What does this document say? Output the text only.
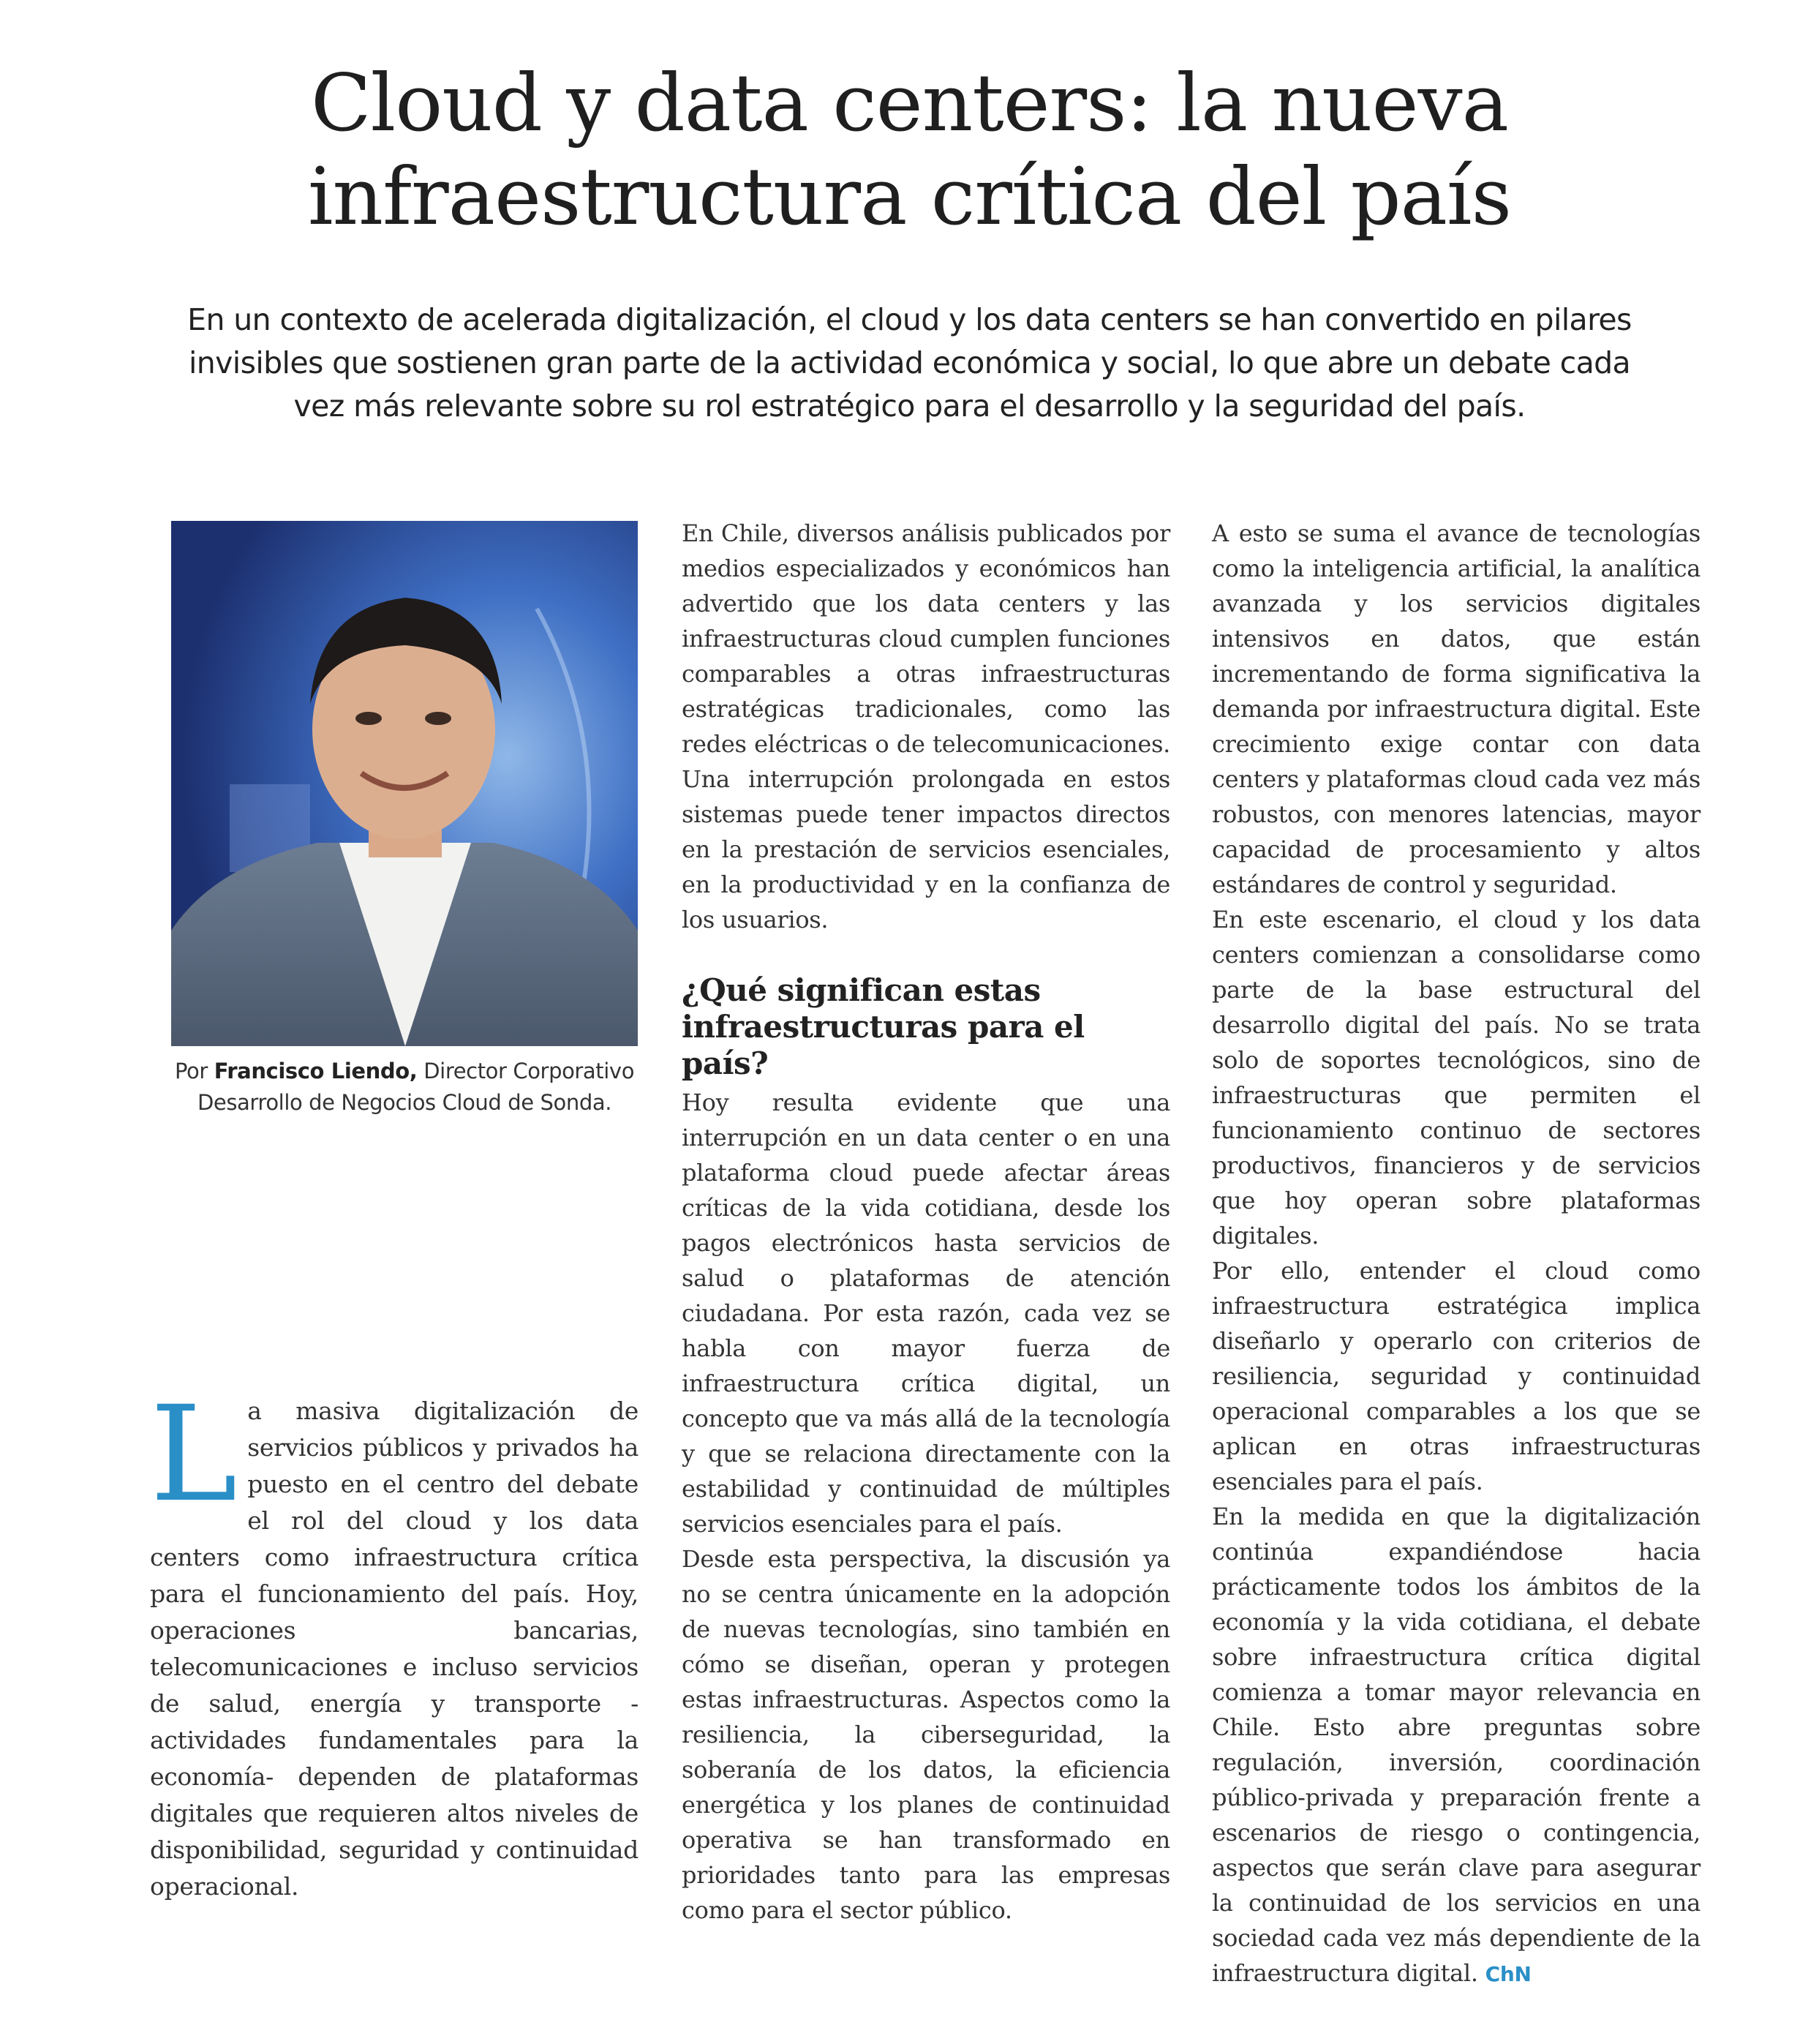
Cloud y data centers: la nueva
infraestructura crítica del país

En un contexto de acelerada digitalización, el cloud y los data centers se han convertido en pilares invisibles que sostienen gran parte de la actividad económica y social, lo que abre un debate cada vez más relevante sobre su rol estratégico para el desarrollo y la seguridad del país.

Por Francisco Liendo, Director Corporativo Desarrollo de Negocios Cloud de Sonda.

La masiva digitalización de servicios públicos y privados ha puesto en el centro del debate el rol del cloud y los data centers como infraestructura crítica para el funcionamiento del país. Hoy, operaciones bancarias, telecomunicaciones e incluso servicios de salud, energía y transporte -actividades fundamentales para la economía- dependen de plataformas digitales que requieren altos niveles de disponibilidad, seguridad y continuidad operacional.

En Chile, diversos análisis publicados por medios especializados y económicos han advertido que los data centers y las infraestructuras cloud cumplen funciones comparables a otras infraestructuras estratégicas tradicionales, como las redes eléctricas o de telecomunicaciones. Una interrupción prolongada en estos sistemas puede tener impactos directos en la prestación de servicios esenciales, en la productividad y en la confianza de los usuarios.

¿Qué significan estas infraestructuras para el país?

Hoy resulta evidente que una interrupción en un data center o en una plataforma cloud puede afectar áreas críticas de la vida cotidiana, desde los pagos electrónicos hasta servicios de salud o plataformas de atención ciudadana. Por esta razón, cada vez se habla con mayor fuerza de infraestructura crítica digital, un concepto que va más allá de la tecnología y que se relaciona directamente con la estabilidad y continuidad de múltiples servicios esenciales para el país.

Desde esta perspectiva, la discusión ya no se centra únicamente en la adopción de nuevas tecnologías, sino también en cómo se diseñan, operan y protegen estas infraestructuras. Aspectos como la resiliencia, la ciberseguridad, la soberanía de los datos, la eficiencia energética y los planes de continuidad operativa se han transformado en prioridades tanto para las empresas como para el sector público.

A esto se suma el avance de tecnologías como la inteligencia artificial, la analítica avanzada y los servicios digitales intensivos en datos, que están incrementando de forma significativa la demanda por infraestructura digital. Este crecimiento exige contar con data centers y plataformas cloud cada vez más robustos, con menores latencias, mayor capacidad de procesamiento y altos estándares de control y seguridad.

En este escenario, el cloud y los data centers comienzan a consolidarse como parte de la base estructural del desarrollo digital del país. No se trata solo de soportes tecnológicos, sino de infraestructuras que permiten el funcionamiento continuo de sectores productivos, financieros y de servicios que hoy operan sobre plataformas digitales.

Por ello, entender el cloud como infraestructura estratégica implica diseñarlo y operarlo con criterios de resiliencia, seguridad y continuidad operacional comparables a los que se aplican en otras infraestructuras esenciales para el país.

En la medida en que la digitalización continúa expandiéndose hacia prácticamente todos los ámbitos de la economía y la vida cotidiana, el debate sobre infraestructura crítica digital comienza a tomar mayor relevancia en Chile. Esto abre preguntas sobre regulación, inversión, coordinación público-privada y preparación frente a escenarios de riesgo o contingencia, aspectos que serán clave para asegurar la continuidad de los servicios en una sociedad cada vez más dependiente de la infraestructura digital. ChN
